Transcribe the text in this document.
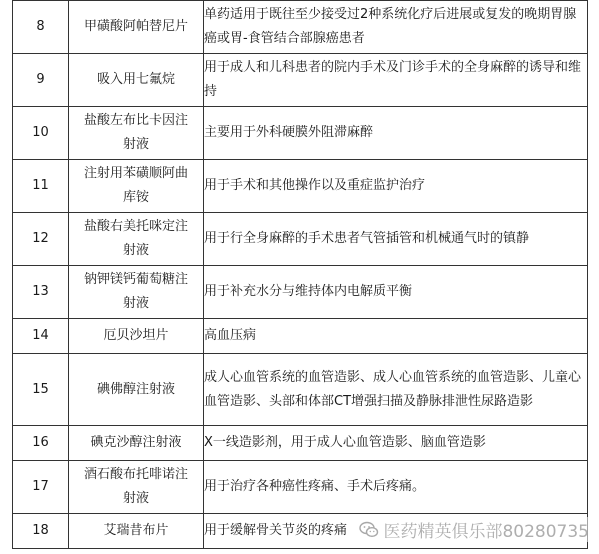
8	甲磺酸阿帕替尼片	单药适用于既往至少接受过2种系统化疗后进展或复发的晚期胃腺癌或胃-食管结合部腺癌患者
9	吸入用七氟烷	用于成人和儿科患者的院内手术及门诊手术的全身麻醉的诱导和维持
10	盐酸左布比卡因注射液	主要用于外科硬膜外阻滞麻醉
11	注射用苯磺顺阿曲库铵	用于手术和其他操作以及重症监护治疗
12	盐酸右美托咪定注射液	用于行全身麻醉的手术患者气管插管和机械通气时的镇静
13	钠钾镁钙葡萄糖注射液	用于补充水分与维持体内电解质平衡
14	厄贝沙坦片	高血压病
15	碘佛醇注射液	成人心血管系统的血管造影、成人心血管系统的血管造影、儿童心血管造影、头部和体部CT增强扫描及静脉排泄性尿路造影
16	碘克沙醇注射液	X一线造影剂，用于成人心血管造影、脑血管造影
17	酒石酸布托啡诺注射液	用于治疗各种癌性疼痛、手术后疼痛。
18	艾瑞昔布片	用于缓解骨关节炎的疼痛 医药精英俱乐部80280735
